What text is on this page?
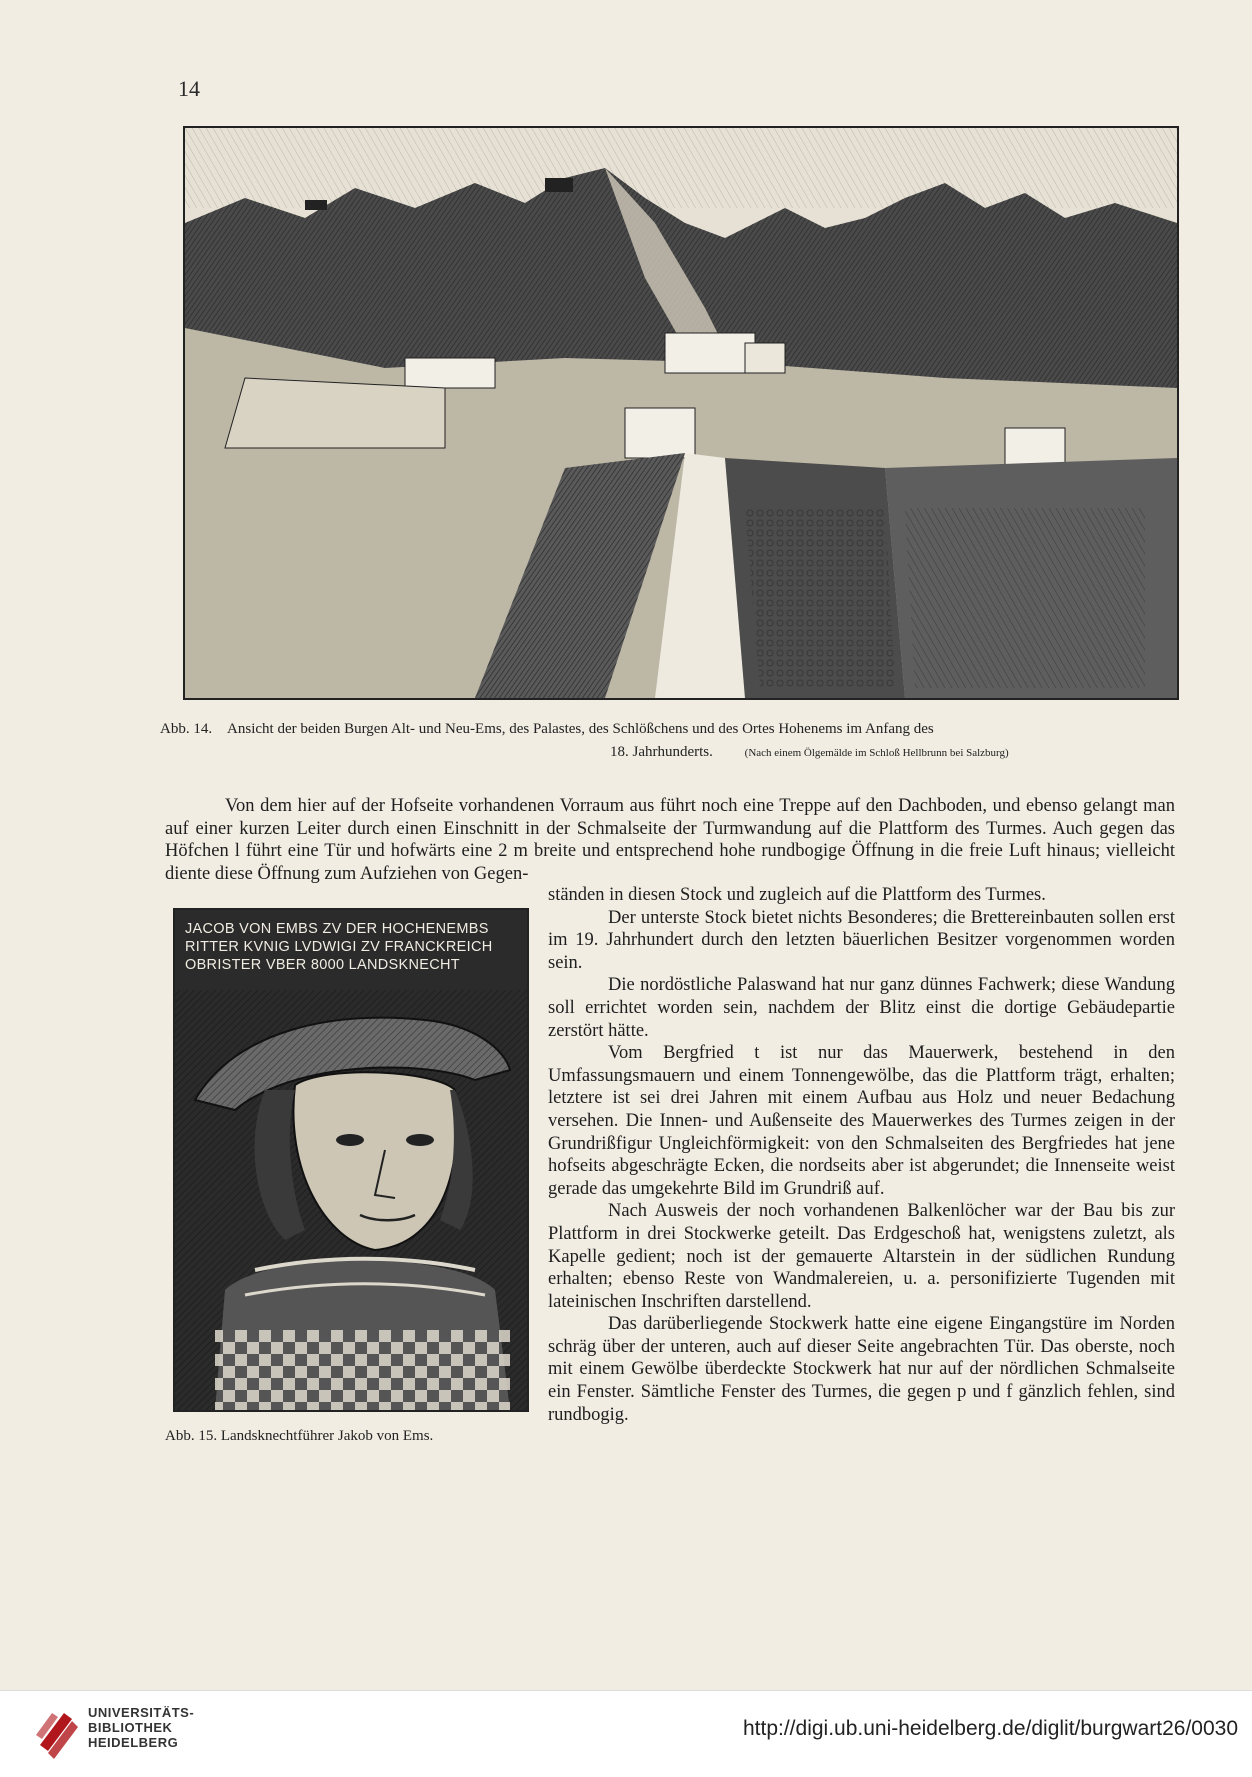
14
Abb. 14. Ansicht der beiden Burgen Alt- und Neu-Ems, des Palastes, des Schlößchens und des Ortes Hohenems im Anfang des
18. Jahrhunderts.	(Nach einem Ölgemälde im Schloß Hellbrunn bei Salzburg)

Von dem hier auf der Hofseite vorhandenen Vorraum aus führt noch eine Treppe auf den Dachboden, und ebenso gelangt man auf einer kurzen Leiter durch einen Einschnitt in der Schmalseite der Turmwandung auf die Plattform des Turmes. Auch gegen das Höfchen l führt eine Tür und hofwärts eine 2 m breite und entsprechend hohe rundbogige Öffnung in die freie Luft hinaus; vielleicht diente diese Öffnung zum Aufziehen von Gegen-

ständen in diesen Stock und zugleich auf die Plattform des Turmes.

Der unterste Stock bietet nichts Besonderes; die Brettereinbauten sollen erst im 19. Jahrhundert durch den letzten bäuerlichen Besitzer vorgenommen worden sein.

Die nordöstliche Palaswand hat nur ganz dünnes Fachwerk; diese Wandung soll errichtet worden sein, nachdem der Blitz einst die dortige Gebäudepartie zerstört hätte.

Vom Bergfried t ist nur das Mauerwerk, bestehend in den Umfassungsmauern und einem Tonnengewölbe, das die Plattform trägt, erhalten; letztere ist sei drei Jahren mit einem Aufbau aus Holz und neuer Bedachung versehen. Die Innen- und Außenseite des Mauerwerkes des Turmes zeigen in der Grundrißfigur Ungleichförmigkeit: von den Schmalseiten des Bergfriedes hat jene hofseits abgeschrägte Ecken, die nordseits aber ist abgerundet; die Innenseite weist gerade das umgekehrte Bild im Grundriß auf.

Nach Ausweis der noch vorhandenen Balkenlöcher war der Bau bis zur Plattform in drei Stockwerke geteilt. Das Erdgeschoß hat, wenigstens zuletzt, als Kapelle gedient; noch ist der gemauerte Altarstein in der südlichen Rundung erhalten; ebenso Reste von Wandmalereien, u. a. personifizierte Tugenden mit lateinischen Inschriften darstellend.

Das darüberliegende Stockwerk hatte eine eigene Eingangstüre im Norden schräg über der unteren, auch auf dieser Seite angebrachten Tür. Das oberste, noch mit einem Gewölbe überdeckte Stockwerk hat nur auf der nördlichen Schmalseite ein Fenster. Sämtliche Fenster des Turmes, die gegen p und f gänzlich fehlen, sind rundbogig.

JACOB VON EMBS ZV DER HOCHENEMBS
RITTER KVNIG LVDWIGI ZV FRANCKREICH
OBRISTER VBER 8000 LANDSKNECHT
Abb. 15. Landsknechtführer Jakob von Ems.
UNIVERSITÄTS-
BIBLIOTHEK
HEIDELBERG
http://digi.ub.uni-heidelberg.de/diglit/burgwart26/0030
